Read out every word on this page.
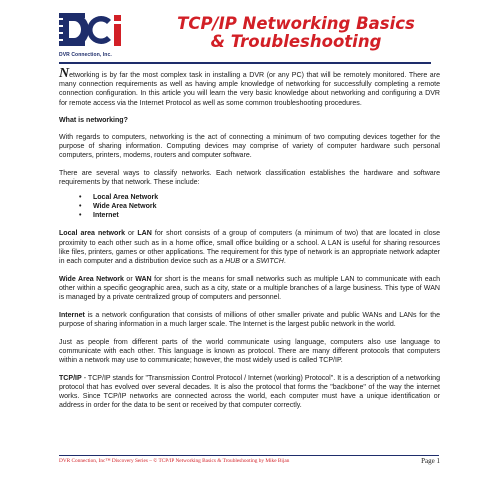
DVR Connection, Inc.
TCP/IP Networking Basics
& Troubleshooting

Networking is by far the most complex task in installing a DVR (or any PC) that will be remotely monitored. There are many connection requirements as well as having ample knowledge of networking for successfully completing a remote connection configuration. In this article you will learn the very basic knowledge about networking and configuring a DVR for remote access via the Internet Protocol as well as some common troubleshooting procedures.

What is networking?

With regards to computers, networking is the act of connecting a minimum of two computing devices together for the purpose of sharing information. Computing devices may comprise of variety of computer hardware such personal computers, printers, modems, routers and computer software.

There are several ways to classify networks. Each network classification establishes the hardware and software requirements by that network. These include:

• Local Area Network
• Wide Area Network
• Internet

Local area network or LAN for short consists of a group of computers (a minimum of two) that are located in close proximity to each other such as in a home office, small office building or a school. A LAN is useful for sharing resources like files, printers, games or other applications. The requirement for this type of network is an appropriate network adapter in each computer and a distribution device such as a HUB or a SWITCH.

Wide Area Network or WAN for short is the means for small networks such as multiple LAN to communicate with each other within a specific geographic area, such as a city, state or a multiple branches of a large business. This type of WAN is managed by a private centralized group of computers and personnel.

Internet is a network configuration that consists of millions of other smaller private and public WANs and LANs for the purpose of sharing information in a much larger scale. The Internet is the largest public network in the world.

Just as people from different parts of the world communicate using language, computers also use language to communicate with each other. This language is known as protocol. There are many different protocols that computers within a network may use to communicate; however, the most widely used is called TCP/IP.

TCP/IP - TCP/IP stands for "Transmission Control Protocol / Internet (working) Protocol". It is a description of a networking protocol that has evolved over several decades. It is also the protocol that forms the "backbone" of the way the internet works. Since TCP/IP networks are connected across the world, each computer must have a unique identification or address in order for the data to be sent or received by that computer correctly.

DVR Connection, Inc™ Discovery Series – © TCP/IP Networking Basics & Troubleshooting by Mike Bijan	Page 1
